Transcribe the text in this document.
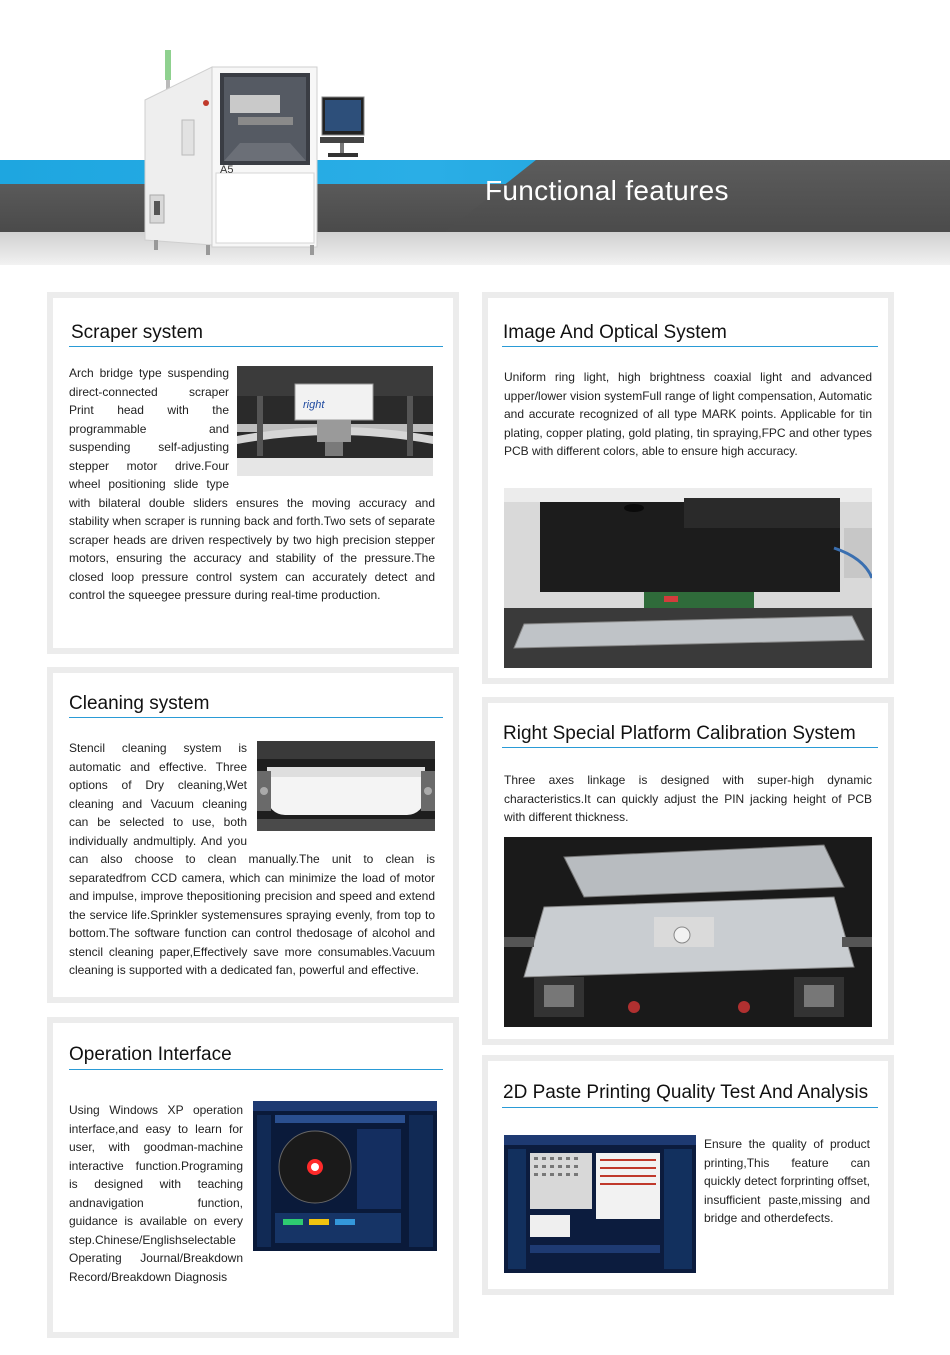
A5
Functional features
Scraper system
right
Arch bridge type suspending direct-connected scraper Print head with the programmable and suspending self-adjusting stepper motor drive.Four wheel positioning slide type with bilateral double sliders ensures the moving accuracy and stability when scraper is running back and forth.Two sets of separate scraper heads are driven respectively by two high precision stepper motors, ensuring the accuracy and stability of the pressure.The closed loop pressure control system can accurately detect and control the squeegee pressure during real-time production.
Image And Optical System
Uniform ring light, high brightness coaxial light and advanced upper/lower vision systemFull range of light compensation, Automatic and accurate recognized of all type MARK points. Applicable for tin plating, copper plating, gold plating, tin spraying,FPC and other types PCB with different colors, able to ensure high accuracy.
Cleaning system
Stencil cleaning system is automatic and effective. Three options of Dry cleaning,Wet cleaning and Vacuum cleaning can be selected to use, both individually andmultiply. And you can also choose to clean manually.The unit to clean is separatedfrom CCD camera, which can minimize the load of motor and impulse, improve thepositioning precision and speed and extend the service life.Sprinkler systemensures spraying evenly, from top to bottom.The software function can control thedosage of alcohol and stencil cleaning paper,Effectively save more consumables.Vacuum cleaning is supported with a dedicated fan, powerful and effective.
Right Special Platform Calibration System
Three axes linkage is designed with super-high dynamic characteristics.It can quickly adjust the PIN jacking height of PCB with different thickness.
Operation Interface
Using Windows XP operation interface,and easy to learn for user, with goodman-machine interactive function.Programing is designed with teaching andnavigation function, guidance is available on every step.Chinese/Englishselectable Operating Journal/Breakdown Record/Breakdown Diagnosis
2D Paste Printing Quality Test And Analysis
Ensure the quality of product printing,This feature can quickly detect forprinting offset, insufficient paste,missing and bridge and otherdefects.
